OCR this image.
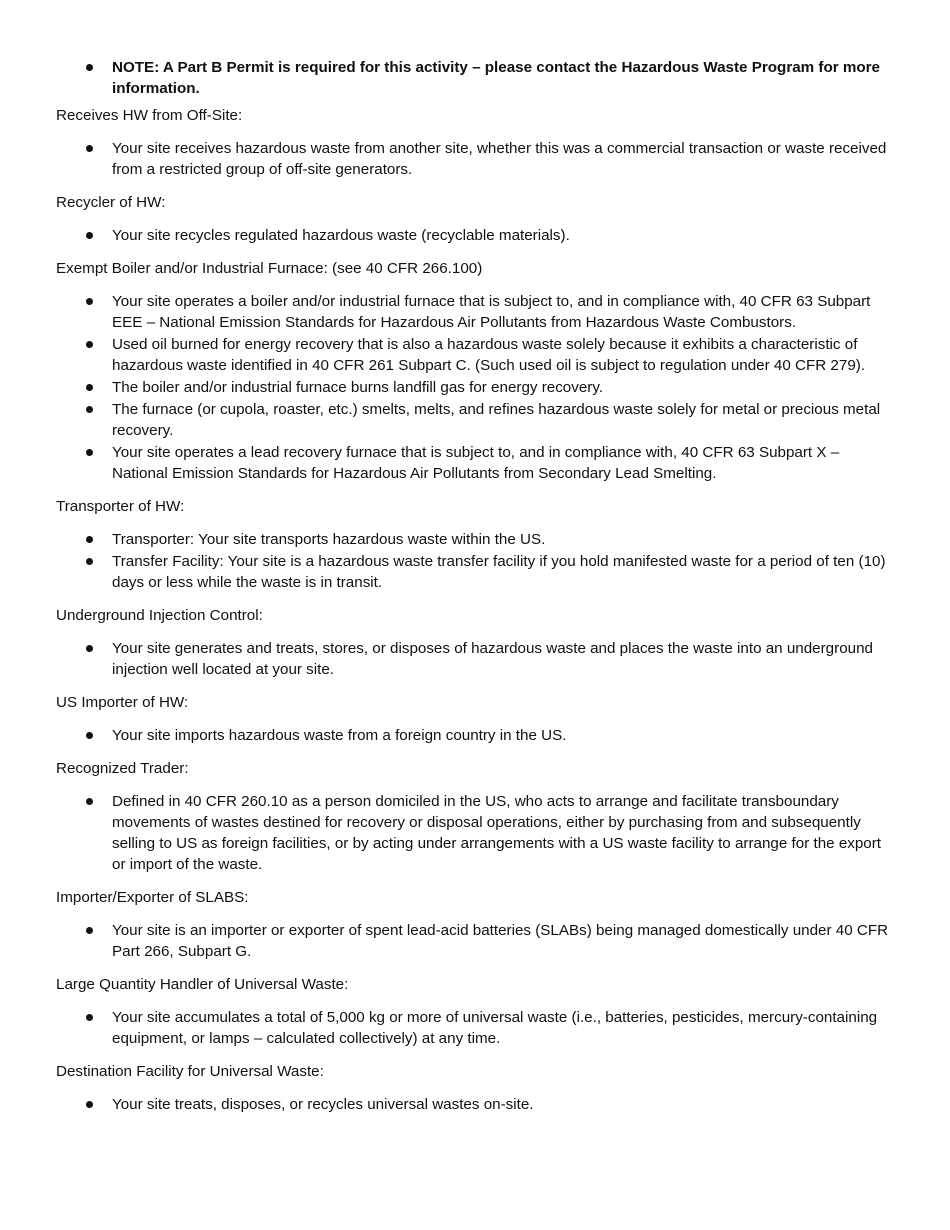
NOTE: A Part B Permit is required for this activity – please contact the Hazardous Waste Program for more information.

Receives HW from Off-Site:

Your site receives hazardous waste from another site, whether this was a commercial transaction or waste received from a restricted group of off-site generators.

Recycler of HW:

Your site recycles regulated hazardous waste (recyclable materials).

Exempt Boiler and/or Industrial Furnace: (see 40 CFR 266.100)

Your site operates a boiler and/or industrial furnace that is subject to, and in compliance with, 40 CFR 63 Subpart EEE – National Emission Standards for Hazardous Air Pollutants from Hazardous Waste Combustors.
Used oil burned for energy recovery that is also a hazardous waste solely because it exhibits a characteristic of hazardous waste identified in 40 CFR 261 Subpart C. (Such used oil is subject to regulation under 40 CFR 279).
The boiler and/or industrial furnace burns landfill gas for energy recovery.
The furnace (or cupola, roaster, etc.) smelts, melts, and refines hazardous waste solely for metal or precious metal recovery.
Your site operates a lead recovery furnace that is subject to, and in compliance with, 40 CFR 63 Subpart X – National Emission Standards for Hazardous Air Pollutants from Secondary Lead Smelting.

Transporter of HW:

Transporter: Your site transports hazardous waste within the US.
Transfer Facility: Your site is a hazardous waste transfer facility if you hold manifested waste for a period of ten (10) days or less while the waste is in transit.

Underground Injection Control:

Your site generates and treats, stores, or disposes of hazardous waste and places the waste into an underground injection well located at your site.

US Importer of HW:

Your site imports hazardous waste from a foreign country in the US.

Recognized Trader:

Defined in 40 CFR 260.10 as a person domiciled in the US, who acts to arrange and facilitate transboundary movements of wastes destined for recovery or disposal operations, either by purchasing from and subsequently selling to US as foreign facilities, or by acting under arrangements with a US waste facility to arrange for the export or import of the waste.

Importer/Exporter of SLABS:

Your site is an importer or exporter of spent lead-acid batteries (SLABs) being managed domestically under 40 CFR Part 266, Subpart G.

Large Quantity Handler of Universal Waste:

Your site accumulates a total of 5,000 kg or more of universal waste (i.e., batteries, pesticides, mercury-containing equipment, or lamps – calculated collectively) at any time.

Destination Facility for Universal Waste:

Your site treats, disposes, or recycles universal wastes on-site.
